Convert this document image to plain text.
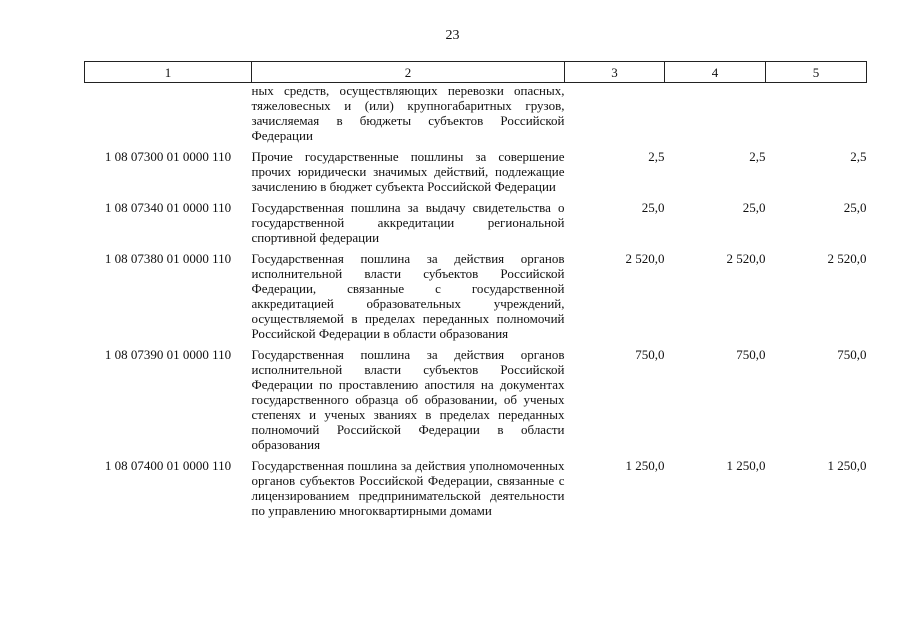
23
1	2	3	4	5
	ных средств, осуществляющих перевозки опасных, тяжеловесных и (или) крупногабаритных грузов, зачисляемая в бюджеты субъектов Российской Федерации			
1 08 07300 01 0000 110	Прочие государственные пошлины за совершение прочих юридически значимых действий, подлежащие зачислению в бюджет субъекта Российской Федерации	2,5	2,5	2,5
1 08 07340 01 0000 110	Государственная пошлина за выдачу свидетельства о государственной аккредитации региональной спортивной федерации	25,0	25,0	25,0
1 08 07380 01 0000 110	Государственная пошлина за действия органов исполнительной власти субъектов Российской Федерации, связанные с государственной аккредитацией образовательных учреждений, осуществляемой в пределах переданных полномочий Российской Федерации в области образования	2 520,0	2 520,0	2 520,0
1 08 07390 01 0000 110	Государственная пошлина за действия органов исполнительной власти субъектов Российской Федерации по проставлению апостиля на документах государственного образца об образовании, об ученых степенях и ученых званиях в пределах переданных полномочий Российской Федерации в области образования	750,0	750,0	750,0
1 08 07400 01 0000 110	Государственная пошлина за действия уполномоченных органов субъектов Российской Федерации, связанные с лицензированием предпринимательской деятельности по управлению многоквартирными домами	1 250,0	1 250,0	1 250,0
